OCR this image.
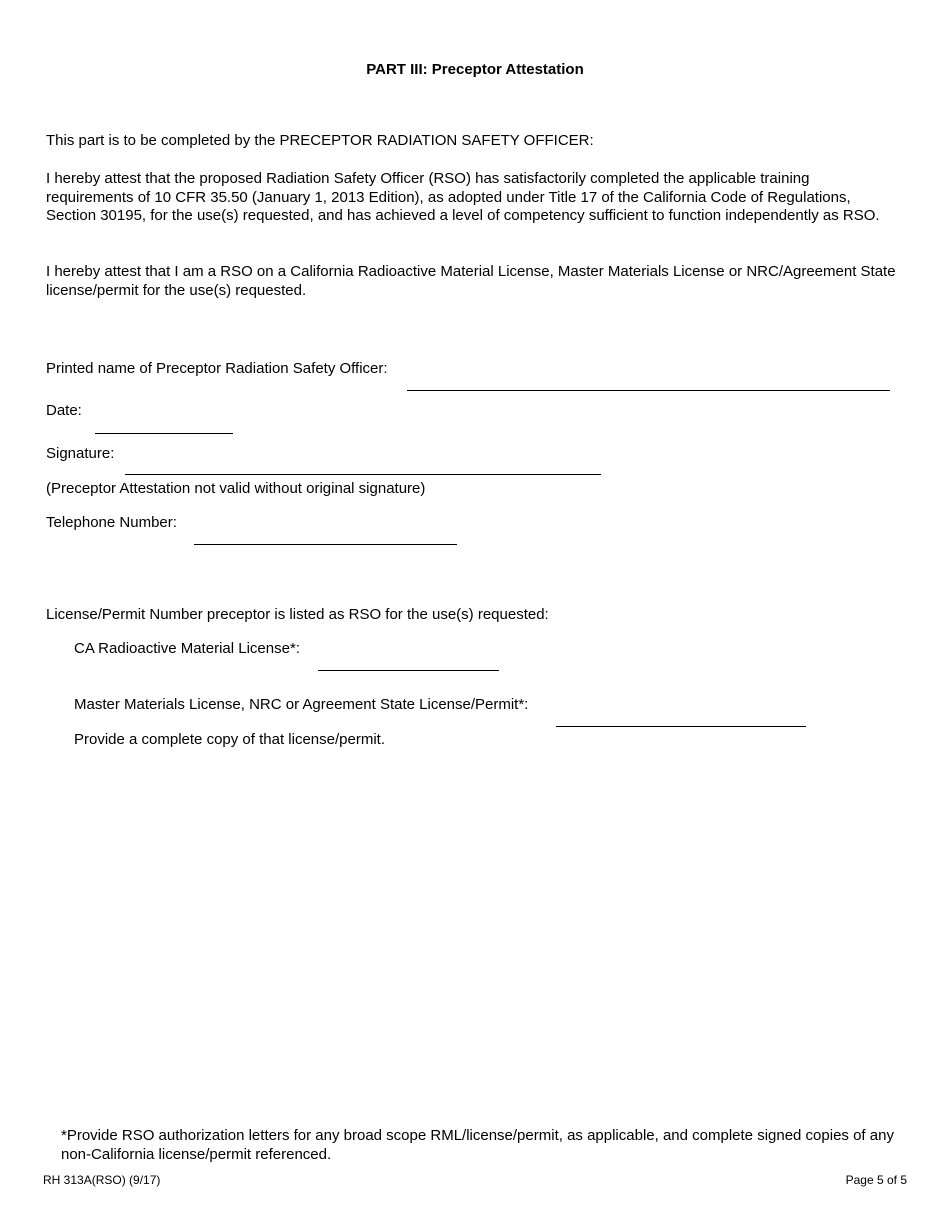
PART III: Preceptor Attestation
This part is to be completed by the PRECEPTOR RADIATION SAFETY OFFICER:
I hereby attest that the proposed Radiation Safety Officer (RSO) has satisfactorily completed the applicable training requirements of 10 CFR 35.50 (January 1, 2013 Edition), as adopted under Title 17 of the California Code of Regulations, Section 30195, for the use(s) requested, and has achieved a level of competency sufficient to function independently as RSO.
I hereby attest that I am a RSO on a California Radioactive Material License, Master Materials License or NRC/Agreement State license/permit for the use(s) requested.
Printed name of Preceptor Radiation Safety Officer:
Date:
Signature:
(Preceptor Attestation not valid without original signature)
Telephone Number:
License/Permit Number preceptor is listed as RSO for the use(s) requested:
CA Radioactive Material License*:
Master Materials License, NRC or Agreement State License/Permit*:
Provide a complete copy of that license/permit.
*Provide RSO authorization letters for any broad scope RML/license/permit, as applicable, and complete signed copies of any non-California license/permit referenced.
RH 313A(RSO) (9/17)	Page 5 of 5
